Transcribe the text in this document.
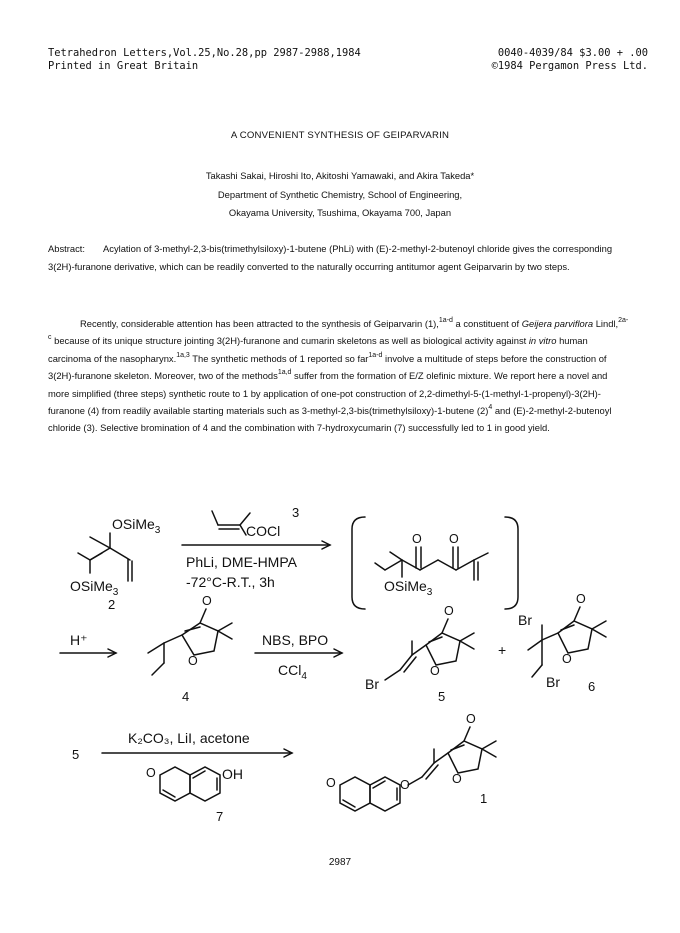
Tetrahedron Letters,Vol.25,No.28,pp 2987-2988,1984	0040-4039/84 $3.00 + .00
Printed in Great Britain	©1984 Pergamon Press Ltd.
A CONVENIENT SYNTHESIS OF GEIPARVARIN
Takashi Sakai, Hiroshi Ito, Akitoshi Yamawaki, and Akira Takeda*
Department of Synthetic Chemistry, School of Engineering,
Okayama University, Tsushima, Okayama 700, Japan
Abstract: Acylation of 3-methyl-2,3-bis(trimethylsiloxy)-1-butene (PhLi) with (E)-2-methyl-2-butenoyl chloride gives the corresponding 3(2H)-furanone derivative, which can be readily converted to the naturally occurring antitumor agent Geiparvarin by two steps.

Recently, considerable attention has been attracted to the synthesis of Geiparvarin (1),$^{1a-d}$ a constituent of Geijera parviflora Lindl,$^{2a-c}$ because of its unique structure jointing 3(2H)-furanone and cumarin skeletons as well as biological activity against in vitro human carcinoma of the nasopharynx.$^{1a,3}$ The synthetic methods of 1 reported so far$^{1a-d}$ involve a multitude of steps before the construction of 3(2H)-furanone skeleton. Moreover, two of the methods$^{1a,d}$ suffer from the formation of E/Z olefinic mixture. We report here a novel and more simplified (three steps) synthetic route to 1 by application of one-pot construction of 2,2-dimethyl-5-(1-methyl-1-propenyl)-3(2H)-furanone (4) from readily available starting materials such as 3-methyl-2,3-bis(trimethylsiloxy)-1-butene $(2)^4$ and (E)-2-methyl-2-butenoyl chloride (3). Selective bromination of 4 and the combination with 7-hydroxycumarin (7) successfully led to 1 in good yield.

OSiMe$_3$
OSiMe$_3$
2
COCl
3
PhLi, DME-HMPA
-72°C-R.T., 3h
O O
OSiMe$_3$
H⁺
O
O
4
NBS, BPO
CCl$_4$	Br
O
O
5
+
Br
Br
O
O
6
5
K₂CO₃, LiI, acetone
O	OH
7
O	O
O
O
1
2987
